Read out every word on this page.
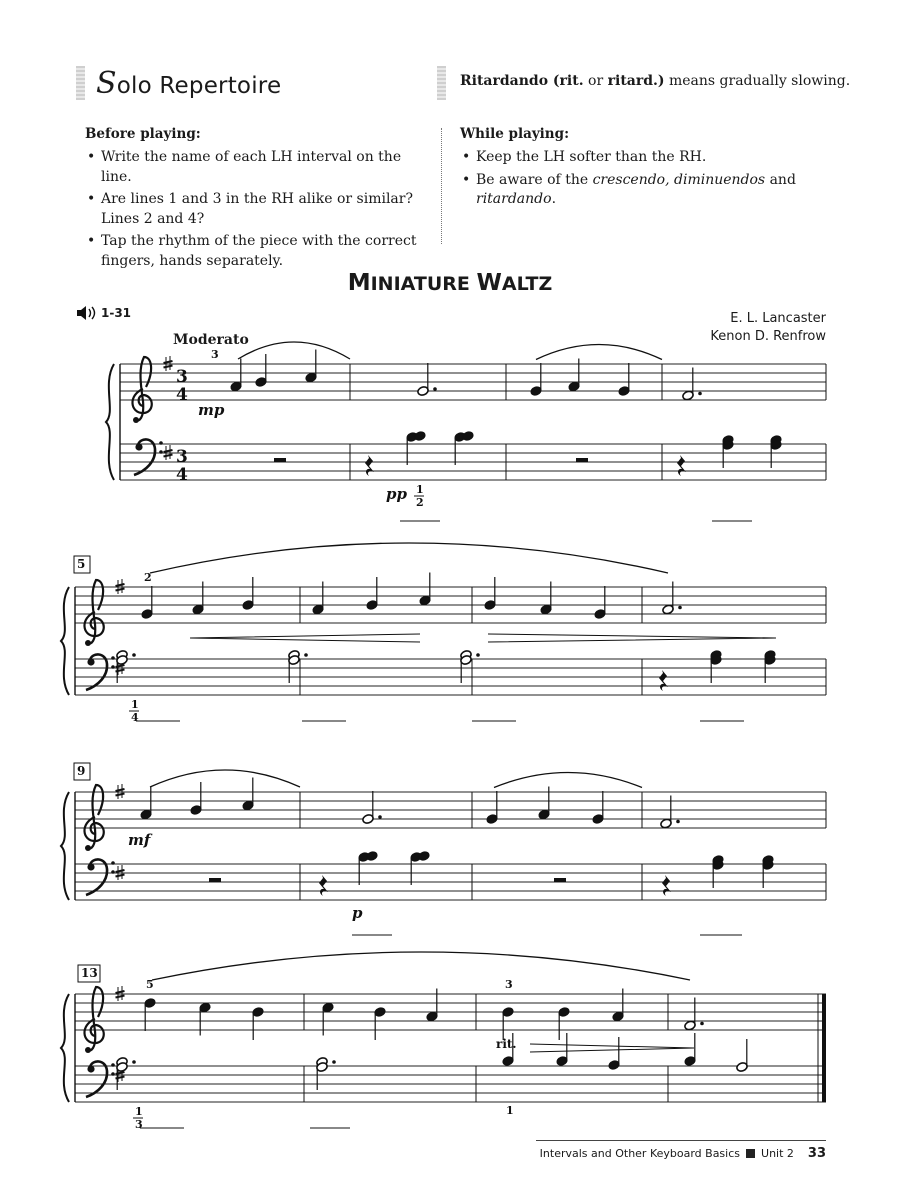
Solo Repertoire	Ritardando (rit. or ritard.) means gradually slowing.
Before playing:
• Write the name of each LH interval on the line.
• Are lines 1 and 3 in the RH alike or similar? Lines 2 and 4?
• Tap the rhythm of the piece with the correct fingers, hands separately.
While playing:
• Keep the LH softer than the RH.
• Be aware of the crescendo, diminuendos and ritardando.
MINIATURE WALTZ
1-31	E. L. Lancaster
Kenon D. Renfrow
Moderato
3
4
3
4
3
mp
pp 1
2
5
2
1
4
9
mf
p
13
5	3
rit.
1
3
1
Intervals and Other Keyboard Basics Unit 2 33
